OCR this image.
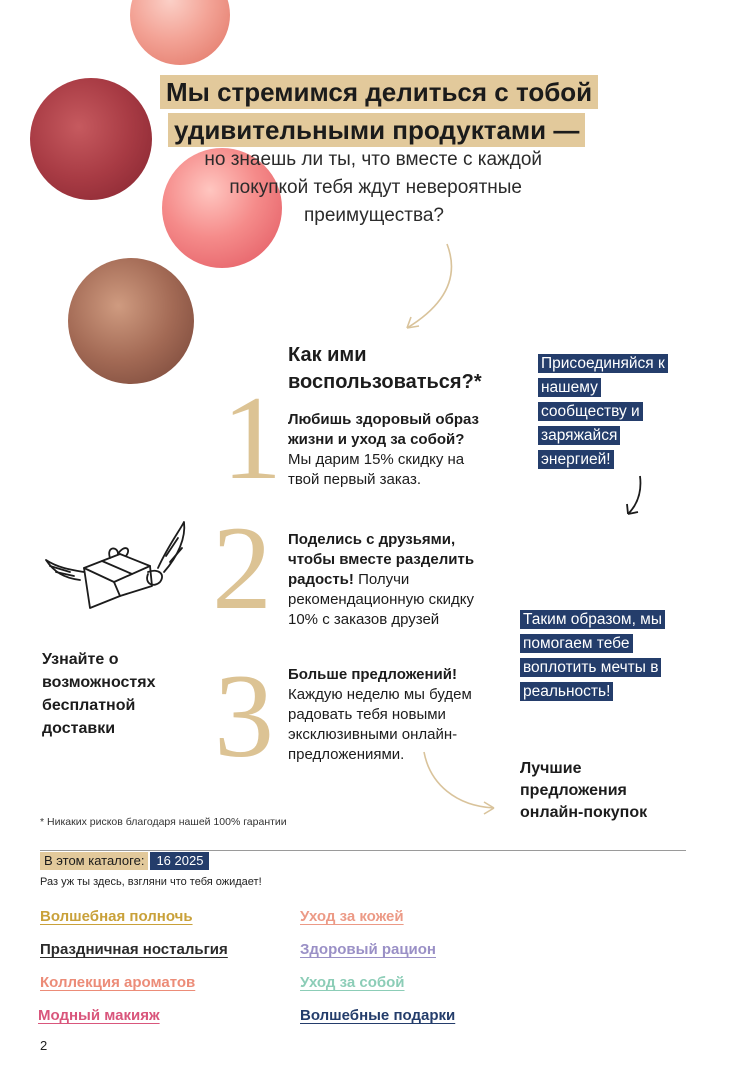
Мы стремимся делиться с тобой
удивительными продуктами —
но знаешь ли ты, что вместе с каждой
покупкой тебя ждут невероятные
преимущества?
Как ими
воспользоваться?*
1
2
3
Любишь здоровый образ жизни и уход за собой? Мы дарим 15% скидку на твой первый заказ.
Поделись с друзьями, чтобы вместе разделить радость! Получи рекомендационную скидку 10% с заказов друзей
Больше предложений! Каждую неделю мы будем радовать тебя новыми эксклюзивными онлайн-предложениями.
Присоединяйся к нашему сообществу и заряжайся энергией!
Таким образом, мы помогаем тебе воплотить мечты в реальность!
Узнайте о возможностях бесплатной доставки
Лучшие предложения онлайн-покупок
* Никаких рисков благодаря нашей 100% гарантии
В этом каталоге: 16 2025
Раз уж ты здесь, взгляни что тебя ожидает!
Волшебная полночь
Праздничная ностальгия
Коллекция ароматов
Модный макияж
Уход за кожей
Здоровый рацион
Уход за собой
Волшебные подарки
2
